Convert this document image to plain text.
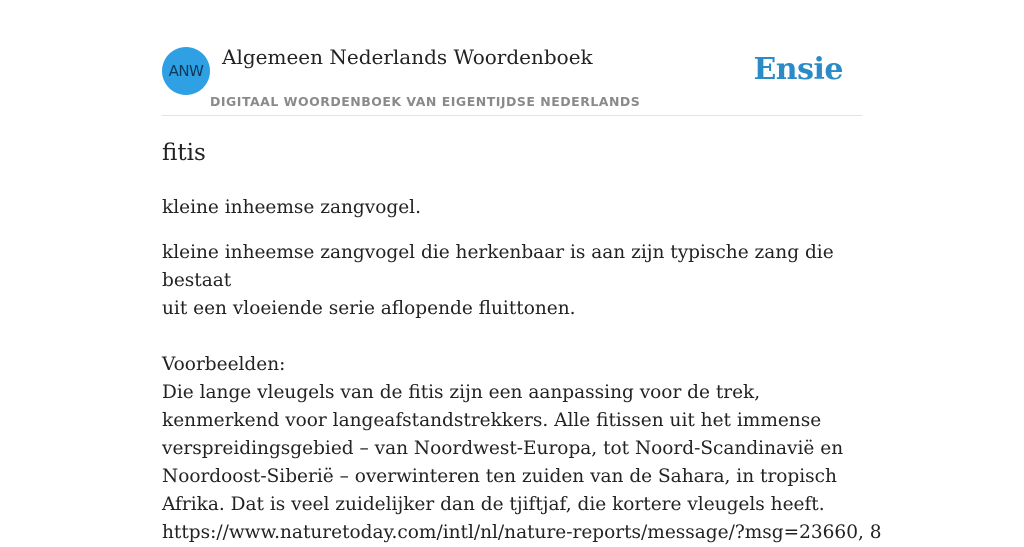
ANW
Algemeen Nederlands Woordenboek
DIGITAAL WOORDENBOEK VAN EIGENTIJDSE NEDERLANDS
Ensie
fitis

kleine inheemse zangvogel.

kleine inheemse zangvogel die herkenbaar is aan zijn typische zang die bestaat

uit een vloeiende serie aflopende fluittonen.

Voorbeelden:

Die lange vleugels van de fitis zijn een aanpassing voor de trek, kenmerkend voor langeafstandstrekkers. Alle fitissen uit het immense verspreidingsgebied – van Noordwest-Europa, tot Noord-Scandinavië en Noordoost-Siberië – overwinteren ten zuiden van de Sahara, in tropisch Afrika. Dat is veel zuidelijker dan de tjiftjaf, die kortere vleugels heeft.

https://www.naturetoday.com/intl/nl/nature-reports/message/?msg=23660, 8
